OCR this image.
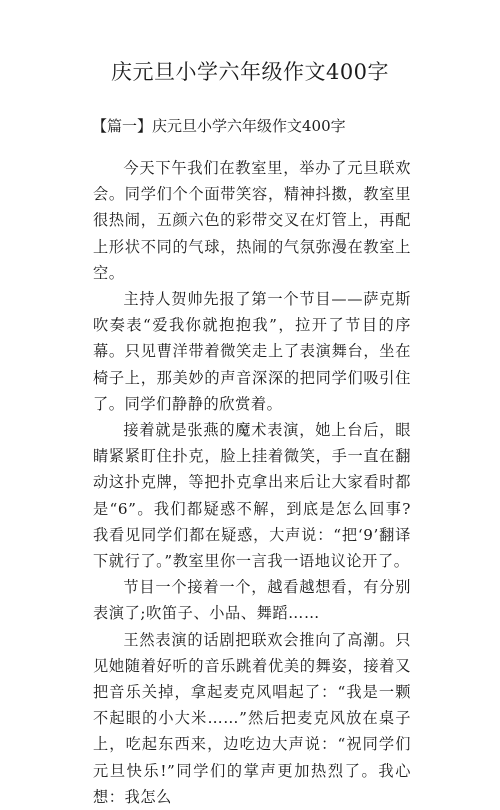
庆元旦小学六年级作文400字

【篇一】庆元旦小学六年级作文400字

今天下午我们在教室里，举办了元旦联欢会。同学们个个面带笑容，精神抖擞，教室里很热闹，五颜六色的彩带交叉在灯管上，再配上形状不同的气球，热闹的气氛弥漫在教室上空。

主持人贺帅先报了第一个节目——萨克斯吹奏表“爱我你就抱抱我”，拉开了节目的序幕。只见曹洋带着微笑走上了表演舞台，坐在椅子上，那美妙的声音深深的把同学们吸引住了。同学们静静的欣赏着。

接着就是张燕的魔术表演，她上台后，眼睛紧紧盯住扑克，脸上挂着微笑，手一直在翻动这扑克牌，等把扑克拿出来后让大家看时都是“6”。我们都疑惑不解，到底是怎么回事?我看见同学们都在疑惑，大声说：“把‘9’翻译下就行了。”教室里你一言我一语地议论开了。

节目一个接着一个，越看越想看，有分别表演了;吹笛子、小品、舞蹈……

王然表演的话剧把联欢会推向了高潮。只见她随着好听的音乐跳着优美的舞姿，接着又把音乐关掉，拿起麦克风唱起了：“我是一颗不起眼的小大米……”然后把麦克风放在桌子上，吃起东西来，边吃边大声说：“祝同学们元旦快乐!”同学们的掌声更加热烈了。我心想：我怎么
